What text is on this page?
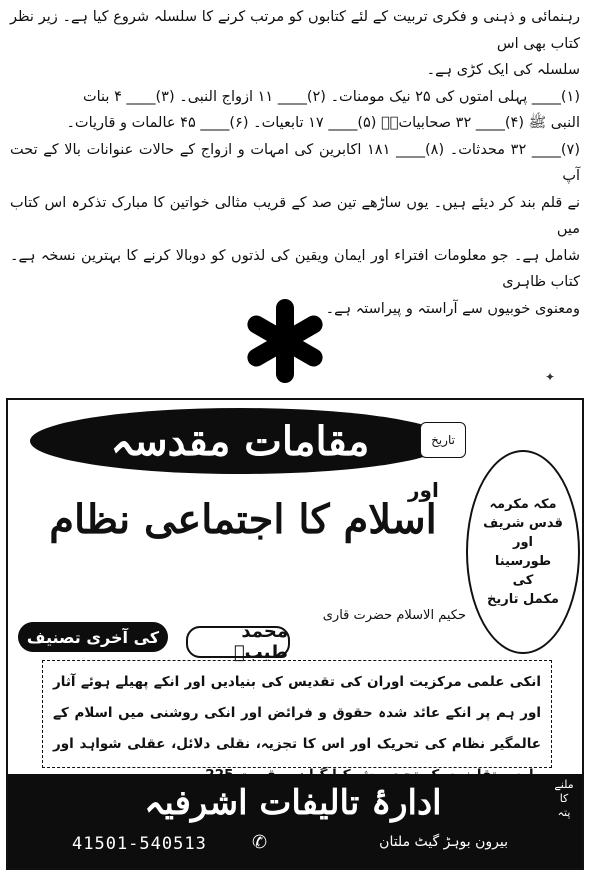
رہنمائی و ذہنی و فکری تربیت کے لئے کتابوں کو مرتب کرنے کا سلسلہ شروع کیا ہے۔ زیر نظر کتاب بھی اس

سلسلہ کی ایک کڑی ہے۔

(۱)____ پہلی امتوں کی ۲۵ نیک مومنات۔ (۲)____ ۱۱ ازواج النبی۔ (۳)____ ۴ بنات

النبی ﷺ (۴)____ ۳۲ صحابیاتؓ۔ (۵)____ ۱۷ تابعیات۔ (۶)____ ۴۵ عالمات و قاریات۔

(۷)____ ۳۲ محدثات۔ (۸)____ ۱۸۱ اکابرین کی امہات و ازواج کے حالات عنوانات بالا کے تحت آپ

نے قلم بند کر دیئے ہیں۔ یوں ساڑھے تین صد کے قریب مثالی خواتین کا مبارک تذکرہ اس کتاب میں

شامل ہے۔ جو معلومات افتراء اور ایمان ویقین کی لذتوں کو دوبالا کرنے کا بہترین نسخہ ہے۔ کتاب ظاہری

ومعنوی خوبیوں سے آراستہ و پیراستہ ہے۔

✦
مقامات مقدسہ	تاریخ
اور
اسلام کا اجتماعی نظام	مکہ مکرمہ
قدس شریف
اور
طورسینا
کی
مکمل تاریخ
حکیم الاسلام حضرت قاری
محمد طیبؒ
کی آخری تصنیف
انکی علمی مرکزیت اوران کی تقدیس کی بنیادیں اور انکے پھیلے ہوئے آثار اور ہم پر انکے عائد شدہ حقوق و فرائض اور انکی روشنی میں اسلام کے عالمگیر نظام کی تحریک اور اس کا تجزیہ، نقلی دلائل، عقلی شواہد اور
ملنے کا پتہ
ادارۂ تالیفات اشرفیہ
41501-540513	✆	بیرون بوہڑ گیٹ ملتان
